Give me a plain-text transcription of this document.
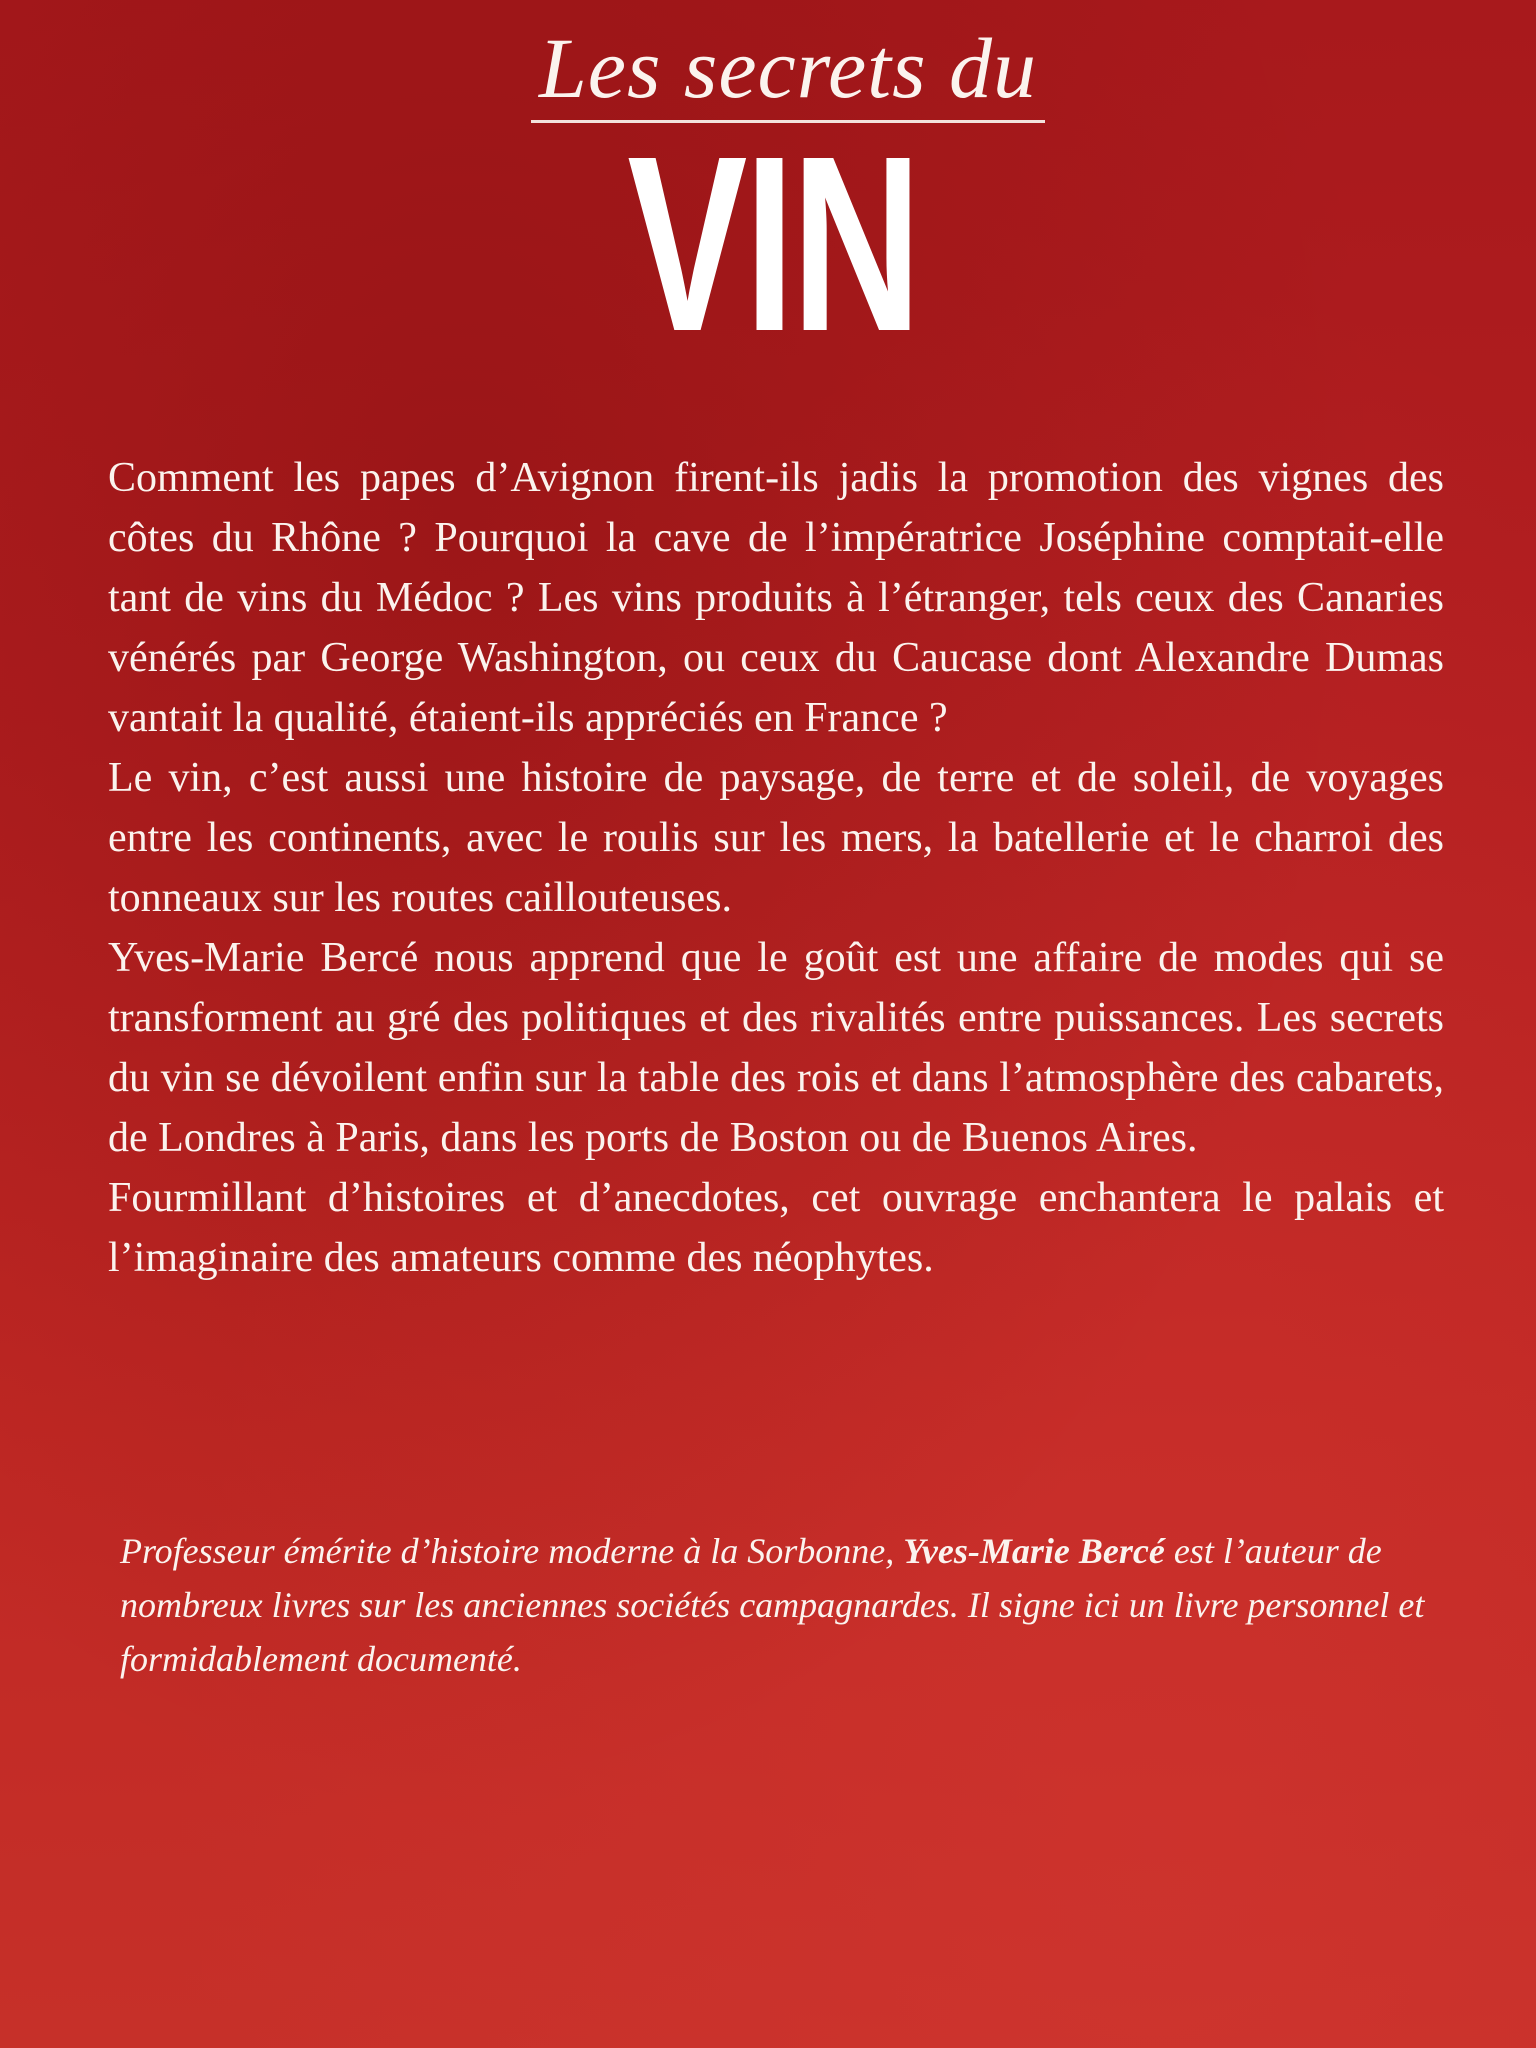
Les secrets du
VIN

Comment les papes d’Avignon firent-ils jadis la promotion des vignes des côtes du Rhône ? Pourquoi la cave de l’impératrice Joséphine comptait-elle tant de vins du Médoc ? Les vins produits à l’étranger, tels ceux des Canaries vénérés par George Washington, ou ceux du Caucase dont Alexandre Dumas vantait la qualité, étaient-ils appréciés en France ?

Le vin, c’est aussi une histoire de paysage, de terre et de soleil, de voyages entre les continents, avec le roulis sur les mers, la batellerie et le charroi des tonneaux sur les routes caillouteuses.

Yves-Marie Bercé nous apprend que le goût est une affaire de modes qui se transforment au gré des politiques et des rivalités entre puissances. Les secrets du vin se dévoilent enfin sur la table des rois et dans l’atmosphère des cabarets, de Londres à Paris, dans les ports de Boston ou de Buenos Aires.

Fourmillant d’histoires et d’anecdotes, cet ouvrage enchantera le palais et l’imaginaire des amateurs comme des néophytes.

Professeur émérite d’histoire moderne à la Sorbonne, Yves-Marie Bercé est l’auteur de nombreux livres sur les anciennes sociétés campagnardes. Il signe ici un livre personnel et formidablement documenté.
